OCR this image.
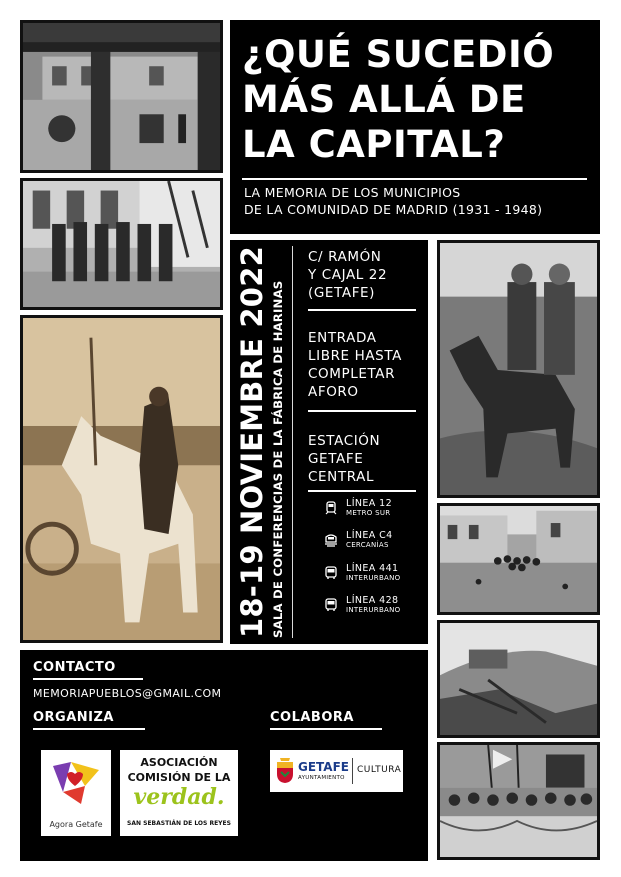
¿QUÉ SUCEDIÓ
MÁS ALLÁ DE
LA CAPITAL?
LA MEMORIA DE LOS MUNICIPIOS
DE LA COMUNIDAD DE MADRID (1931 - 1948)
18-19 NOVIEMBRE 2022 SALA DE CONFERENCIAS DE LA FÁBRICA DE HARINAS
C/ RAMÓN
Y CAJAL 22
(GETAFE)
ENTRADA
LIBRE HASTA
COMPLETAR
AFORO
ESTACIÓN
GETAFE
CENTRAL
LÍNEA 12
METRO SUR
LÍNEA C4
CERCANÍAS
LÍNEA 441
INTERURBANO
LÍNEA 428
INTERURBANO
CONTACTO
MEMORIAPUEBLOS@GMAIL.COM
ORGANIZA	COLABORA
Agora Getafe
ASOCIACIÓN
COMISIÓN DE LA
verdad.
SAN SEBASTIÁN DE LOS REYES
GETAFE
AYUNTAMIENTO
CULTURA
